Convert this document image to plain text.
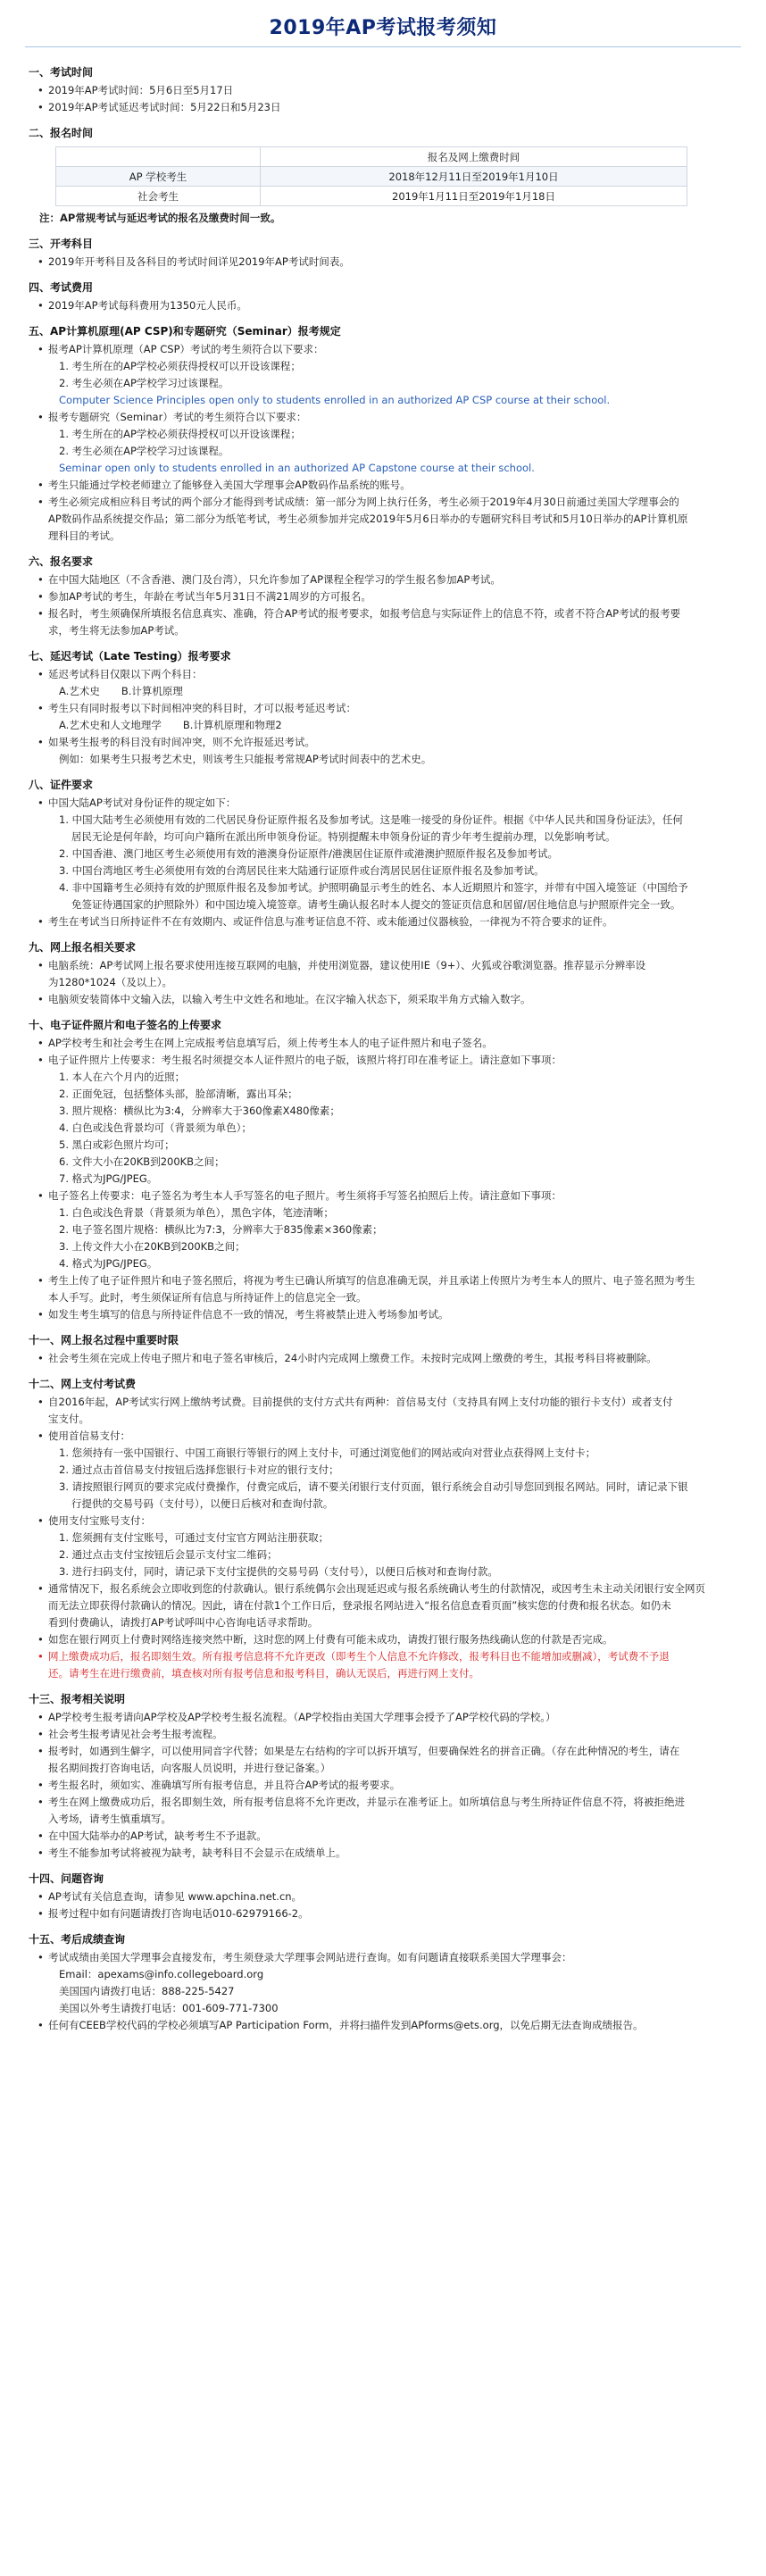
2019年AP考试报考须知

一、考试时间

• 2019年AP考试时间：5月6日至5月17日

• 2019年AP考试延迟考试时间：5月22日和5月23日

二、报名时间

	报名及网上缴费时间
AP 学校考生	2018年12月11日至2019年1月10日
社会考生	2019年1月11日至2019年1月18日

注：AP常规考试与延迟考试的报名及缴费时间一致。

三、开考科目

• 2019年开考科目及各科目的考试时间详见2019年AP考试时间表。

四、考试费用

• 2019年AP考试每科费用为1350元人民币。

五、AP计算机原理(AP CSP)和专题研究（Seminar）报考规定

• 报考AP计算机原理（AP CSP）考试的考生须符合以下要求：

1. 考生所在的AP学校必须获得授权可以开设该课程；

2. 考生必须在AP学校学习过该课程。

Computer Science Principles open only to students enrolled in an authorized AP CSP course at their school.

• 报考专题研究（Seminar）考试的考生须符合以下要求：

1. 考生所在的AP学校必须获得授权可以开设该课程；

2. 考生必须在AP学校学习过该课程。

Seminar open only to students enrolled in an authorized AP Capstone course at their school.

• 考生只能通过学校老师建立了能够登入美国大学理事会AP数码作品系统的账号。

• 考生必须完成相应科目考试的两个部分才能得到考试成绩：第一部分为网上执行任务，考生必须于2019年4月30日前通过美国大学理事会的

AP数码作品系统提交作品；第二部分为纸笔考试，考生必须参加并完成2019年5月6日举办的专题研究科目考试和5月10日举办的AP计算机原

理科目的考试。

六、报名要求

• 在中国大陆地区（不含香港、澳门及台湾），只允许参加了AP课程全程学习的学生报名参加AP考试。

• 参加AP考试的考生，年龄在考试当年5月31日不满21周岁的方可报名。

• 报名时，考生须确保所填报名信息真实、准确，符合AP考试的报考要求，如报考信息与实际证件上的信息不符，或者不符合AP考试的报考要

求，考生将无法参加AP考试。

七、延迟考试（Late Testing）报考要求

• 延迟考试科目仅限以下两个科目：

A.艺术史 B.计算机原理

• 考生只有同时报考以下时间相冲突的科目时，才可以报考延迟考试：

A.艺术史和人文地理学 B.计算机原理和物理2

• 如果考生报考的科目没有时间冲突，则不允许报延迟考试。

例如：如果考生只报考艺术史，则该考生只能报考常规AP考试时间表中的艺术史。

八、证件要求

• 中国大陆AP考试对身份证件的规定如下：

1. 中国大陆考生必须使用有效的二代居民身份证原件报名及参加考试。这是唯一接受的身份证件。根据《中华人民共和国身份证法》，任何

居民无论是何年龄，均可向户籍所在派出所申领身份证。特别提醒未申领身份证的青少年考生提前办理，以免影响考试。

2. 中国香港、澳门地区考生必须使用有效的港澳身份证原件/港澳居住证原件或港澳护照原件报名及参加考试。

3. 中国台湾地区考生必须使用有效的台湾居民往来大陆通行证原件或台湾居民居住证原件报名及参加考试。

4. 非中国籍考生必须持有效的护照原件报名及参加考试。护照明确显示考生的姓名、本人近期照片和签字，并带有中国入境签证（中国给予

免签证待遇国家的护照除外）和中国边境入境签章。请考生确认报名时本人提交的签证页信息和居留/居住地信息与护照原件完全一致。

• 考生在考试当日所持证件不在有效期内、或证件信息与准考证信息不符、或未能通过仪器核验，一律视为不符合要求的证件。

九、网上报名相关要求

• 电脑系统：AP考试网上报名要求使用连接互联网的电脑，并使用浏览器，建议使用IE（9+）、火狐或谷歌浏览器。推荐显示分辨率设

为1280*1024（及以上）。

• 电脑须安装简体中文输入法，以输入考生中文姓名和地址。在汉字输入状态下，须采取半角方式输入数字。

十、电子证件照片和电子签名的上传要求

• AP学校考生和社会考生在网上完成报考信息填写后，须上传考生本人的电子证件照片和电子签名。

• 电子证件照片上传要求：考生报名时须提交本人证件照片的电子版，该照片将打印在准考证上。请注意如下事项：

1. 本人在六个月内的近照；

2. 正面免冠，包括整体头部，脸部清晰，露出耳朵；

3. 照片规格：横纵比为3:4，分辨率大于360像素X480像素；

4. 白色或浅色背景均可（背景须为单色）；

5. 黑白或彩色照片均可；

6. 文件大小在20KB到200KB之间；

7. 格式为JPG/JPEG。

• 电子签名上传要求：电子签名为考生本人手写签名的电子照片。考生须将手写签名拍照后上传。请注意如下事项：

1. 白色或浅色背景（背景须为单色），黑色字体，笔迹清晰；

2. 电子签名图片规格：横纵比为7:3，分辨率大于835像素×360像素；

3. 上传文件大小在20KB到200KB之间；

4. 格式为JPG/JPEG。

• 考生上传了电子证件照片和电子签名照后，将视为考生已确认所填写的信息准确无误，并且承诺上传照片为考生本人的照片、电子签名照为考生

本人手写。此时，考生须保证所有信息与所持证件上的信息完全一致。

• 如发生考生填写的信息与所持证件信息不一致的情况，考生将被禁止进入考场参加考试。

十一、网上报名过程中重要时限

• 社会考生须在完成上传电子照片和电子签名审核后，24小时内完成网上缴费工作。未按时完成网上缴费的考生，其报考科目将被删除。

十二、网上支付考试费

• 自2016年起，AP考试实行网上缴纳考试费。目前提供的支付方式共有两种：首信易支付（支持具有网上支付功能的银行卡支付）或者支付

宝支付。

• 使用首信易支付：

1. 您须持有一张中国银行、中国工商银行等银行的网上支付卡，可通过浏览他们的网站或向对营业点获得网上支付卡；

2. 通过点击首信易支付按钮后选择您银行卡对应的银行支付；

3. 请按照银行网页的要求完成付费操作，付费完成后，请不要关闭银行支付页面，银行系统会自动引导您回到报名网站。同时，请记录下银

行提供的交易号码（支付号），以便日后核对和查询付款。

• 使用支付宝账号支付：

1. 您须拥有支付宝账号，可通过支付宝官方网站注册获取；

2. 通过点击支付宝按钮后会显示支付宝二维码；

3. 进行扫码支付，同时，请记录下支付宝提供的交易号码（支付号），以便日后核对和查询付款。

• 通常情况下，报名系统会立即收到您的付款确认。银行系统偶尔会出现延迟或与报名系统确认考生的付款情况，或因考生未主动关闭银行安全网页

而无法立即获得付款确认的情况。因此，请在付款1个工作日后，登录报名网站进入“报名信息查看页面”核实您的付费和报名状态。如仍未

看到付费确认，请拨打AP考试呼叫中心咨询电话寻求帮助。

• 如您在银行网页上付费时网络连接突然中断，这时您的网上付费有可能未成功，请拨打银行服务热线确认您的付款是否完成。

• 网上缴费成功后，报名即刻生效。所有报考信息将不允许更改（即考生个人信息不允许修改，报考科目也不能增加或删减），考试费不予退

还。请考生在进行缴费前，填查核对所有报考信息和报考科目，确认无误后，再进行网上支付。

十三、报考相关说明

• AP学校考生报考请向AP学校及AP学校考生报名流程。（AP学校指由美国大学理事会授予了AP学校代码的学校。）

• 社会考生报考请见社会考生报考流程。

• 报考时，如遇到生僻字，可以使用同音字代替；如果是左右结构的字可以拆开填写，但要确保姓名的拼音正确。（存在此种情况的考生，请在

报名期间拨打咨询电话，向客服人员说明，并进行登记备案。）

• 考生报名时，须如实、准确填写所有报考信息，并且符合AP考试的报考要求。

• 考生在网上缴费成功后，报名即刻生效，所有报考信息将不允许更改，并显示在准考证上。如所填信息与考生所持证件信息不符，将被拒绝进

入考场，请考生慎重填写。

• 在中国大陆举办的AP考试，缺考考生不予退款。

• 考生不能参加考试将被视为缺考，缺考科目不会显示在成绩单上。

十四、问题咨询

• AP考试有关信息查询，请参见 www.apchina.net.cn。

• 报考过程中如有问题请拨打咨询电话010-62979166-2。

十五、考后成绩查询

• 考试成绩由美国大学理事会直接发布，考生须登录大学理事会网站进行查询。如有问题请直接联系美国大学理事会：

Email：apexams@info.collegeboard.org

美国国内请拨打电话：888-225-5427

美国以外考生请拨打电话：001-609-771-7300

• 任何有CEEB学校代码的学校必须填写AP Participation Form，并将扫描件发到APforms@ets.org，以免后期无法查询成绩报告。
